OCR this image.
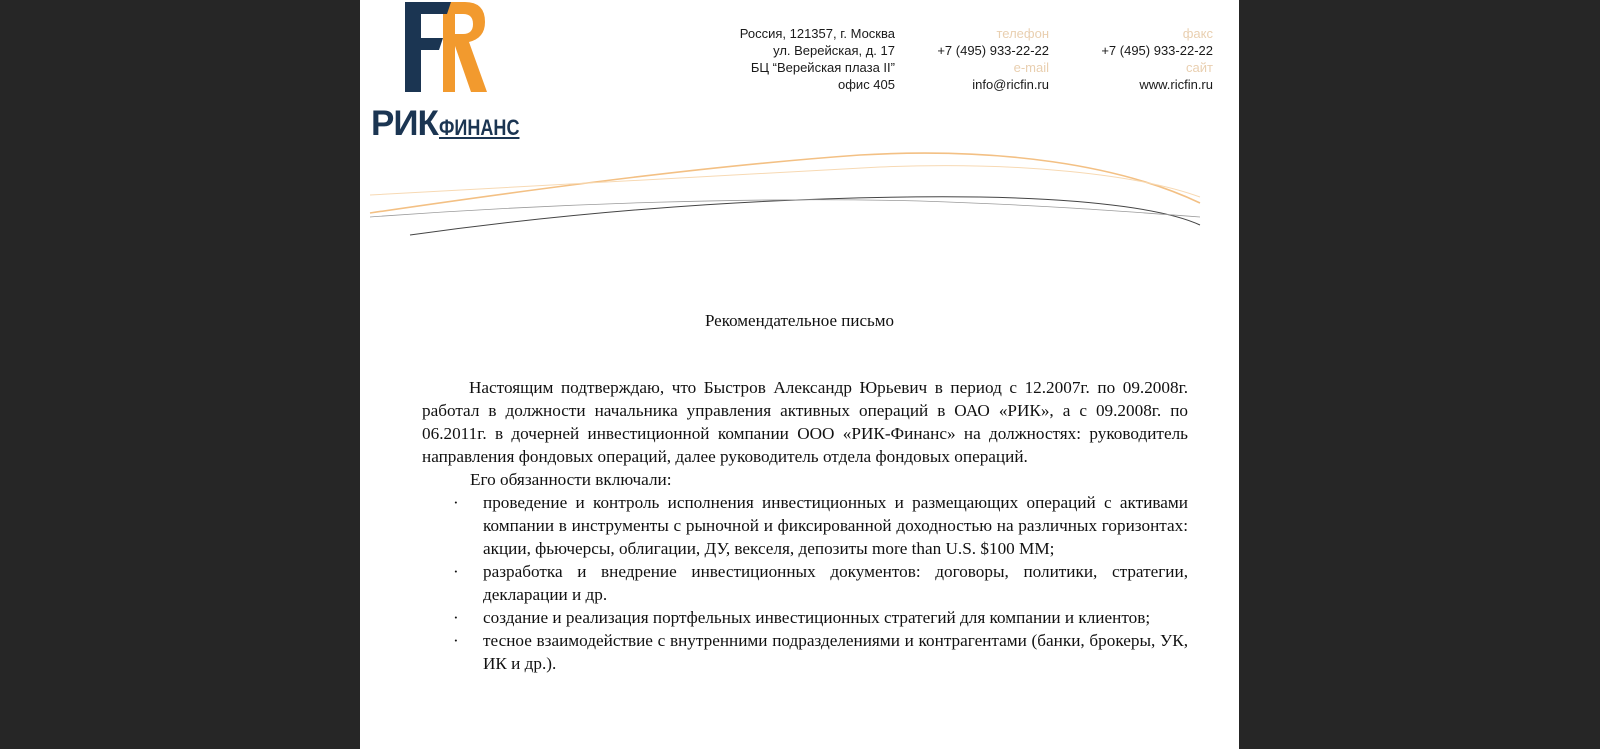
РИКФИНАНС
Россия, 121357, г. Москва
ул. Верейская, д. 17
БЦ “Верейская плаза II”
офис 405
телефон
+7 (495) 933-22-22
e-mail
info@ricfin.ru
факс
+7 (495) 933-22-22
сайт
www.ricfin.ru
Рекомендательное письмо

Настоящим подтверждаю, что Быстров Александр Юрьевич в период с 12.2007г. по 09.2008г. работал в должности начальника управления активных операций в ОАО «РИК», а с 09.2008г. по 06.2011г. в дочерней инвестиционной компании ООО «РИК-Финанс» на должностях: руководитель направления фондовых операций, далее руководитель отдела фондовых операций.

Его обязанности включали:

· проведение и контроль исполнения инвестиционных и размещающих операций с активами компании в инструменты с рыночной и фиксированной доходностью на различных горизонтах: акции, фьючерсы, облигации, ДУ, векселя, депозиты more than U.S. $100 MM;
· разработка и внедрение инвестиционных документов: договоры, политики, стратегии, декларации и др.
· создание и реализация портфельных инвестиционных стратегий для компании и клиентов;
· тесное взаимодействие с внутренними подразделениями и контрагентами (банки, брокеры, УК, ИК и др.).
